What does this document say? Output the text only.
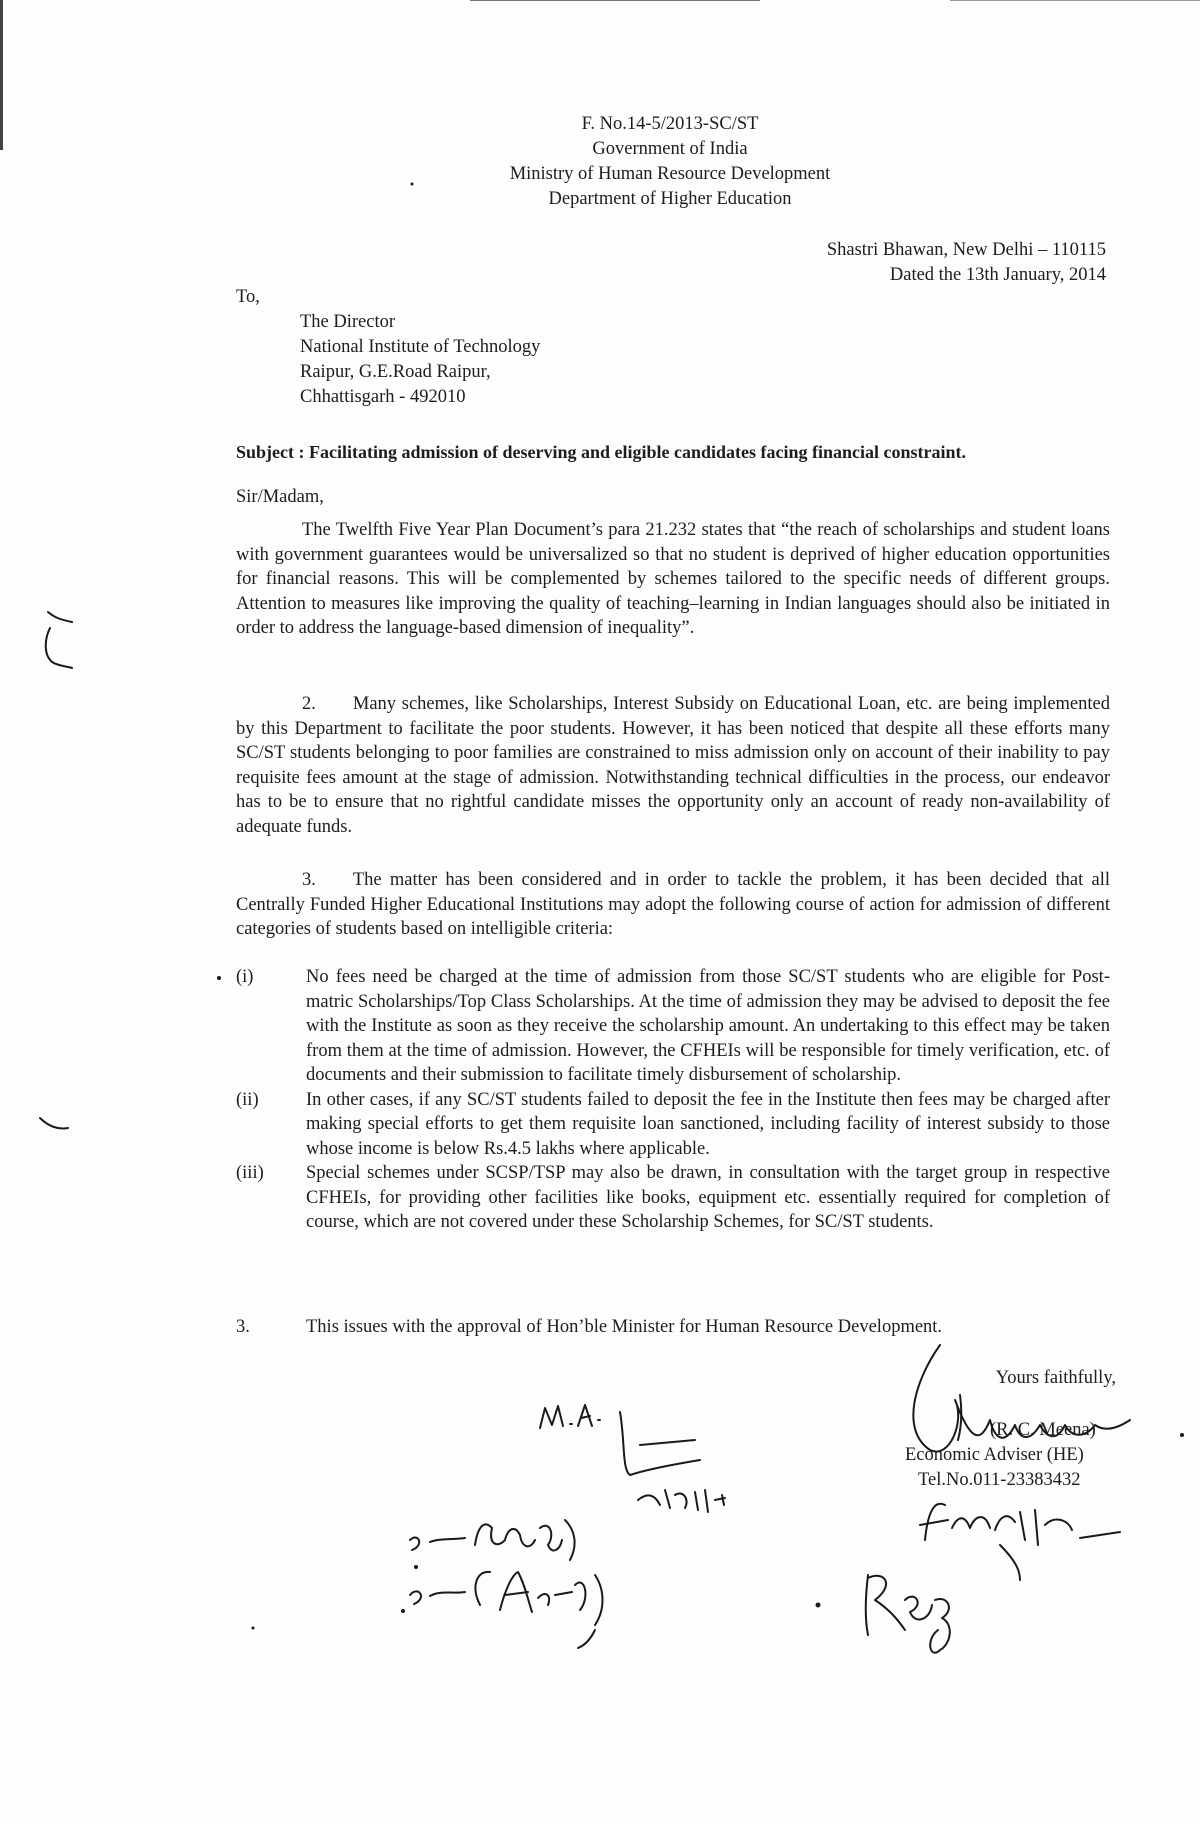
F. No.14-5/2013-SC/ST
Government of India
Ministry of Human Resource Development
Department of Higher Education
Shastri Bhawan, New Delhi – 110115
Dated the 13th January, 2014
To,
The Director
National Institute of Technology
Raipur, G.E.Road Raipur,
Chhattisgarh - 492010
Subject : Facilitating admission of deserving and eligible candidates facing financial constraint.
Sir/Madam,
The Twelfth Five Year Plan Document’s para 21.232 states that “the reach of scholarships and student loans with government guarantees would be universalized so that no student is deprived of higher education opportunities for financial reasons. This will be complemented by schemes tailored to the specific needs of different groups. Attention to measures like improving the quality of teaching–learning in Indian languages should also be initiated in order to address the language-based dimension of inequality”.
2.  Many schemes, like Scholarships, Interest Subsidy on Educational Loan, etc. are being implemented by this Department to facilitate the poor students. However, it has been noticed that despite all these efforts many SC/ST students belonging to poor families are constrained to miss admission only on account of their inability to pay requisite fees amount at the stage of admission. Notwithstanding technical difficulties in the process, our endeavor has to be to ensure that no rightful candidate misses the opportunity only an account of ready non-availability of adequate funds.
3.  The matter has been considered and in order to tackle the problem, it has been decided that all Centrally Funded Higher Educational Institutions may adopt the following course of action for admission of different categories of students based on intelligible criteria:
(i)	No fees need be charged at the time of admission from those SC/ST students who are eligible for Post-matric Scholarships/Top Class Scholarships. At the time of admission they may be advised to deposit the fee with the Institute as soon as they receive the scholarship amount. An undertaking to this effect may be taken from them at the time of admission. However, the CFHEIs will be responsible for timely verification, etc. of documents and their submission to facilitate timely disbursement of scholarship.
(ii)	In other cases, if any SC/ST students failed to deposit the fee in the Institute then fees may be charged after making special efforts to get them requisite loan sanctioned, including facility of interest subsidy to those whose income is below Rs.4.5 lakhs where applicable.
(iii)	Special schemes under SCSP/TSP may also be drawn, in consultation with the target group in respective CFHEIs, for providing other facilities like books, equipment etc. essentially required for completion of course, which are not covered under these Scholarship Schemes, for SC/ST students.
3.	This issues with the approval of Hon’ble Minister for Human Resource Development.
Yours faithfully,
(R. C. Meena)
Economic Adviser (HE)
Tel.No.011-23383432
